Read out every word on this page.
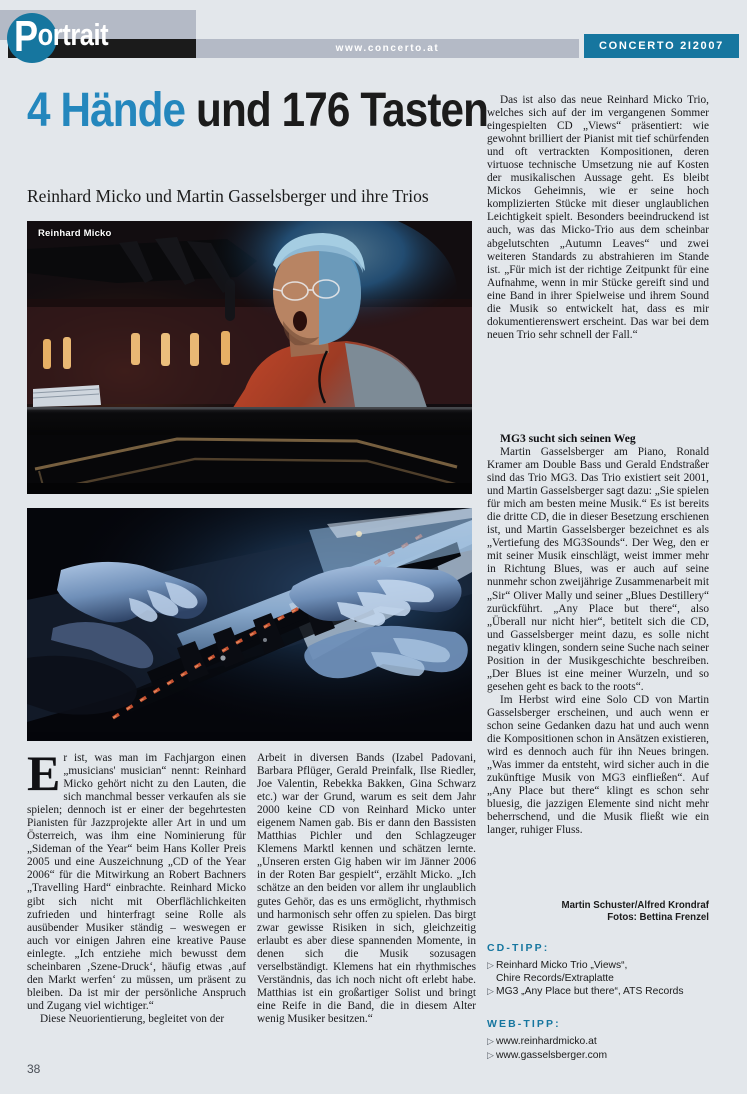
Portrait	www.concerto.at	CONCERTO 2I2007
4 Hände und 176 Tasten
Reinhard Micko und Martin Gasselsberger und ihre Trios
Reinhard Micko

Er ist, was man im Fachjargon einen „musicians' musician“ nennt: Reinhard Micko gehört nicht zu den Lauten, die sich manchmal besser verkaufen als sie spielen; dennoch ist er einer der begehrtesten Pianisten für Jazzprojekte aller Art in und um Österreich, was ihm eine Nominierung für „Sideman of the Year“ beim Hans Koller Preis 2005 und eine Auszeichnung „CD of the Year 2006“ für die Mitwirkung an Robert Bachners „Travelling Hard“ einbrachte. Reinhard Micko gibt sich nicht mit Oberflächlichkeiten zufrieden und hinterfragt seine Rolle als ausübender Musiker ständig – weswegen er auch vor einigen Jahren eine kreative Pause einlegte. „Ich entziehe mich bewusst dem scheinbaren ‚Szene-Druck‘, häufig etwas ‚auf den Markt werfen‘ zu müssen, um präsent zu bleiben. Da ist mir der persönliche Anspruch und Zugang viel wichtiger.“

Diese Neuorientierung, begleitet von der

Arbeit in diversen Bands (Izabel Padovani, Barbara Pflüger, Gerald Preinfalk, Ilse Riedler, Joe Valentin, Rebekka Bakken, Gina Schwarz etc.) war der Grund, warum es seit dem Jahr 2000 keine CD von Reinhard Micko unter eigenem Namen gab. Bis er dann den Bassisten Matthias Pichler und den Schlagzeuger Klemens Marktl kennen und schätzen lernte. „Unseren ersten Gig haben wir im Jänner 2006 in der Roten Bar gespielt“, erzählt Micko. „Ich schätze an den beiden vor allem ihr unglaublich gutes Gehör, das es uns ermöglicht, rhythmisch und harmonisch sehr offen zu spielen. Das birgt zwar gewisse Risiken in sich, gleichzeitig erlaubt es aber diese spannenden Momente, in denen sich die Musik sozusagen verselbständigt. Klemens hat ein rhythmisches Verständnis, das ich noch nicht oft erlebt habe. Matthias ist ein großartiger Solist und bringt eine Reife in die Band, die in diesem Alter wenig Musiker besitzen.“

Das ist also das neue Reinhard Micko Trio, welches sich auf der im vergangenen Sommer eingespielten CD „Views“ präsentiert: wie gewohnt brilliert der Pianist mit tief schürfenden und oft vertrackten Kompositionen, deren virtuose technische Umsetzung nie auf Kosten der musikalischen Aussage geht. Es bleibt Mickos Geheimnis, wie er seine hoch komplizierten Stücke mit dieser unglaublichen Leichtigkeit spielt. Besonders beeindruckend ist auch, was das Micko-Trio aus dem scheinbar abgelutschten „Autumn Leaves“ und zwei weiteren Standards zu abstrahieren im Stande ist. „Für mich ist der richtige Zeitpunkt für eine Aufnahme, wenn in mir Stücke gereift sind und eine Band in ihrer Spielweise und ihrem Sound die Musik so entwickelt hat, dass es mir dokumentierenswert erscheint. Das war bei dem neuen Trio sehr schnell der Fall.“

MG3 sucht sich seinen Weg

Martin Gasselsberger am Piano, Ronald Kramer am Double Bass und Gerald Endstraßer sind das Trio MG3. Das Trio existiert seit 2001, und Martin Gasselsberger sagt dazu: „Sie spielen für mich am besten meine Musik.“ Es ist bereits die dritte CD, die in dieser Besetzung erschienen ist, und Martin Gasselsberger bezeichnet es als „Vertiefung des MG3Sounds“. Der Weg, den er mit seiner Musik einschlägt, weist immer mehr in Richtung Blues, was er auch auf seine nunmehr schon zweijährige Zusammenarbeit mit „Sir“ Oliver Mally und seiner „Blues Destillery“ zurückführt. „Any Place but there“, also „Überall nur nicht hier“, betitelt sich die CD, und Gasselsberger meint dazu, es solle nicht negativ klingen, sondern seine Suche nach seiner Position in der Musikgeschichte beschreiben. „Der Blues ist eine meiner Wurzeln, und so gesehen geht es back to the roots“.

Im Herbst wird eine Solo CD von Martin Gasselsberger erscheinen, und auch wenn er schon seine Gedanken dazu hat und auch wenn die Kompositionen schon in Ansätzen existieren, wird es dennoch auch für ihn Neues bringen. „Was immer da entsteht, wird sicher auch in die zukünftige Musik von MG3 einfließen“. Auf „Any Place but there“ klingt es schon sehr bluesig, die jazzigen Elemente sind nicht mehr beherrschend, und die Musik fließt wie ein langer, ruhiger Fluss.

Martin Schuster/Alfred Krondraf
Fotos: Bettina Frenzel
CD-TIPP:
▷ Reinhard Micko Trio „Views“,
Chire Records/Extraplatte
▷ MG3 „Any Place but there“, ATS Records
WEB-TIPP:
▷ www.reinhardmicko.at
▷ www.gasselsberger.com
38
